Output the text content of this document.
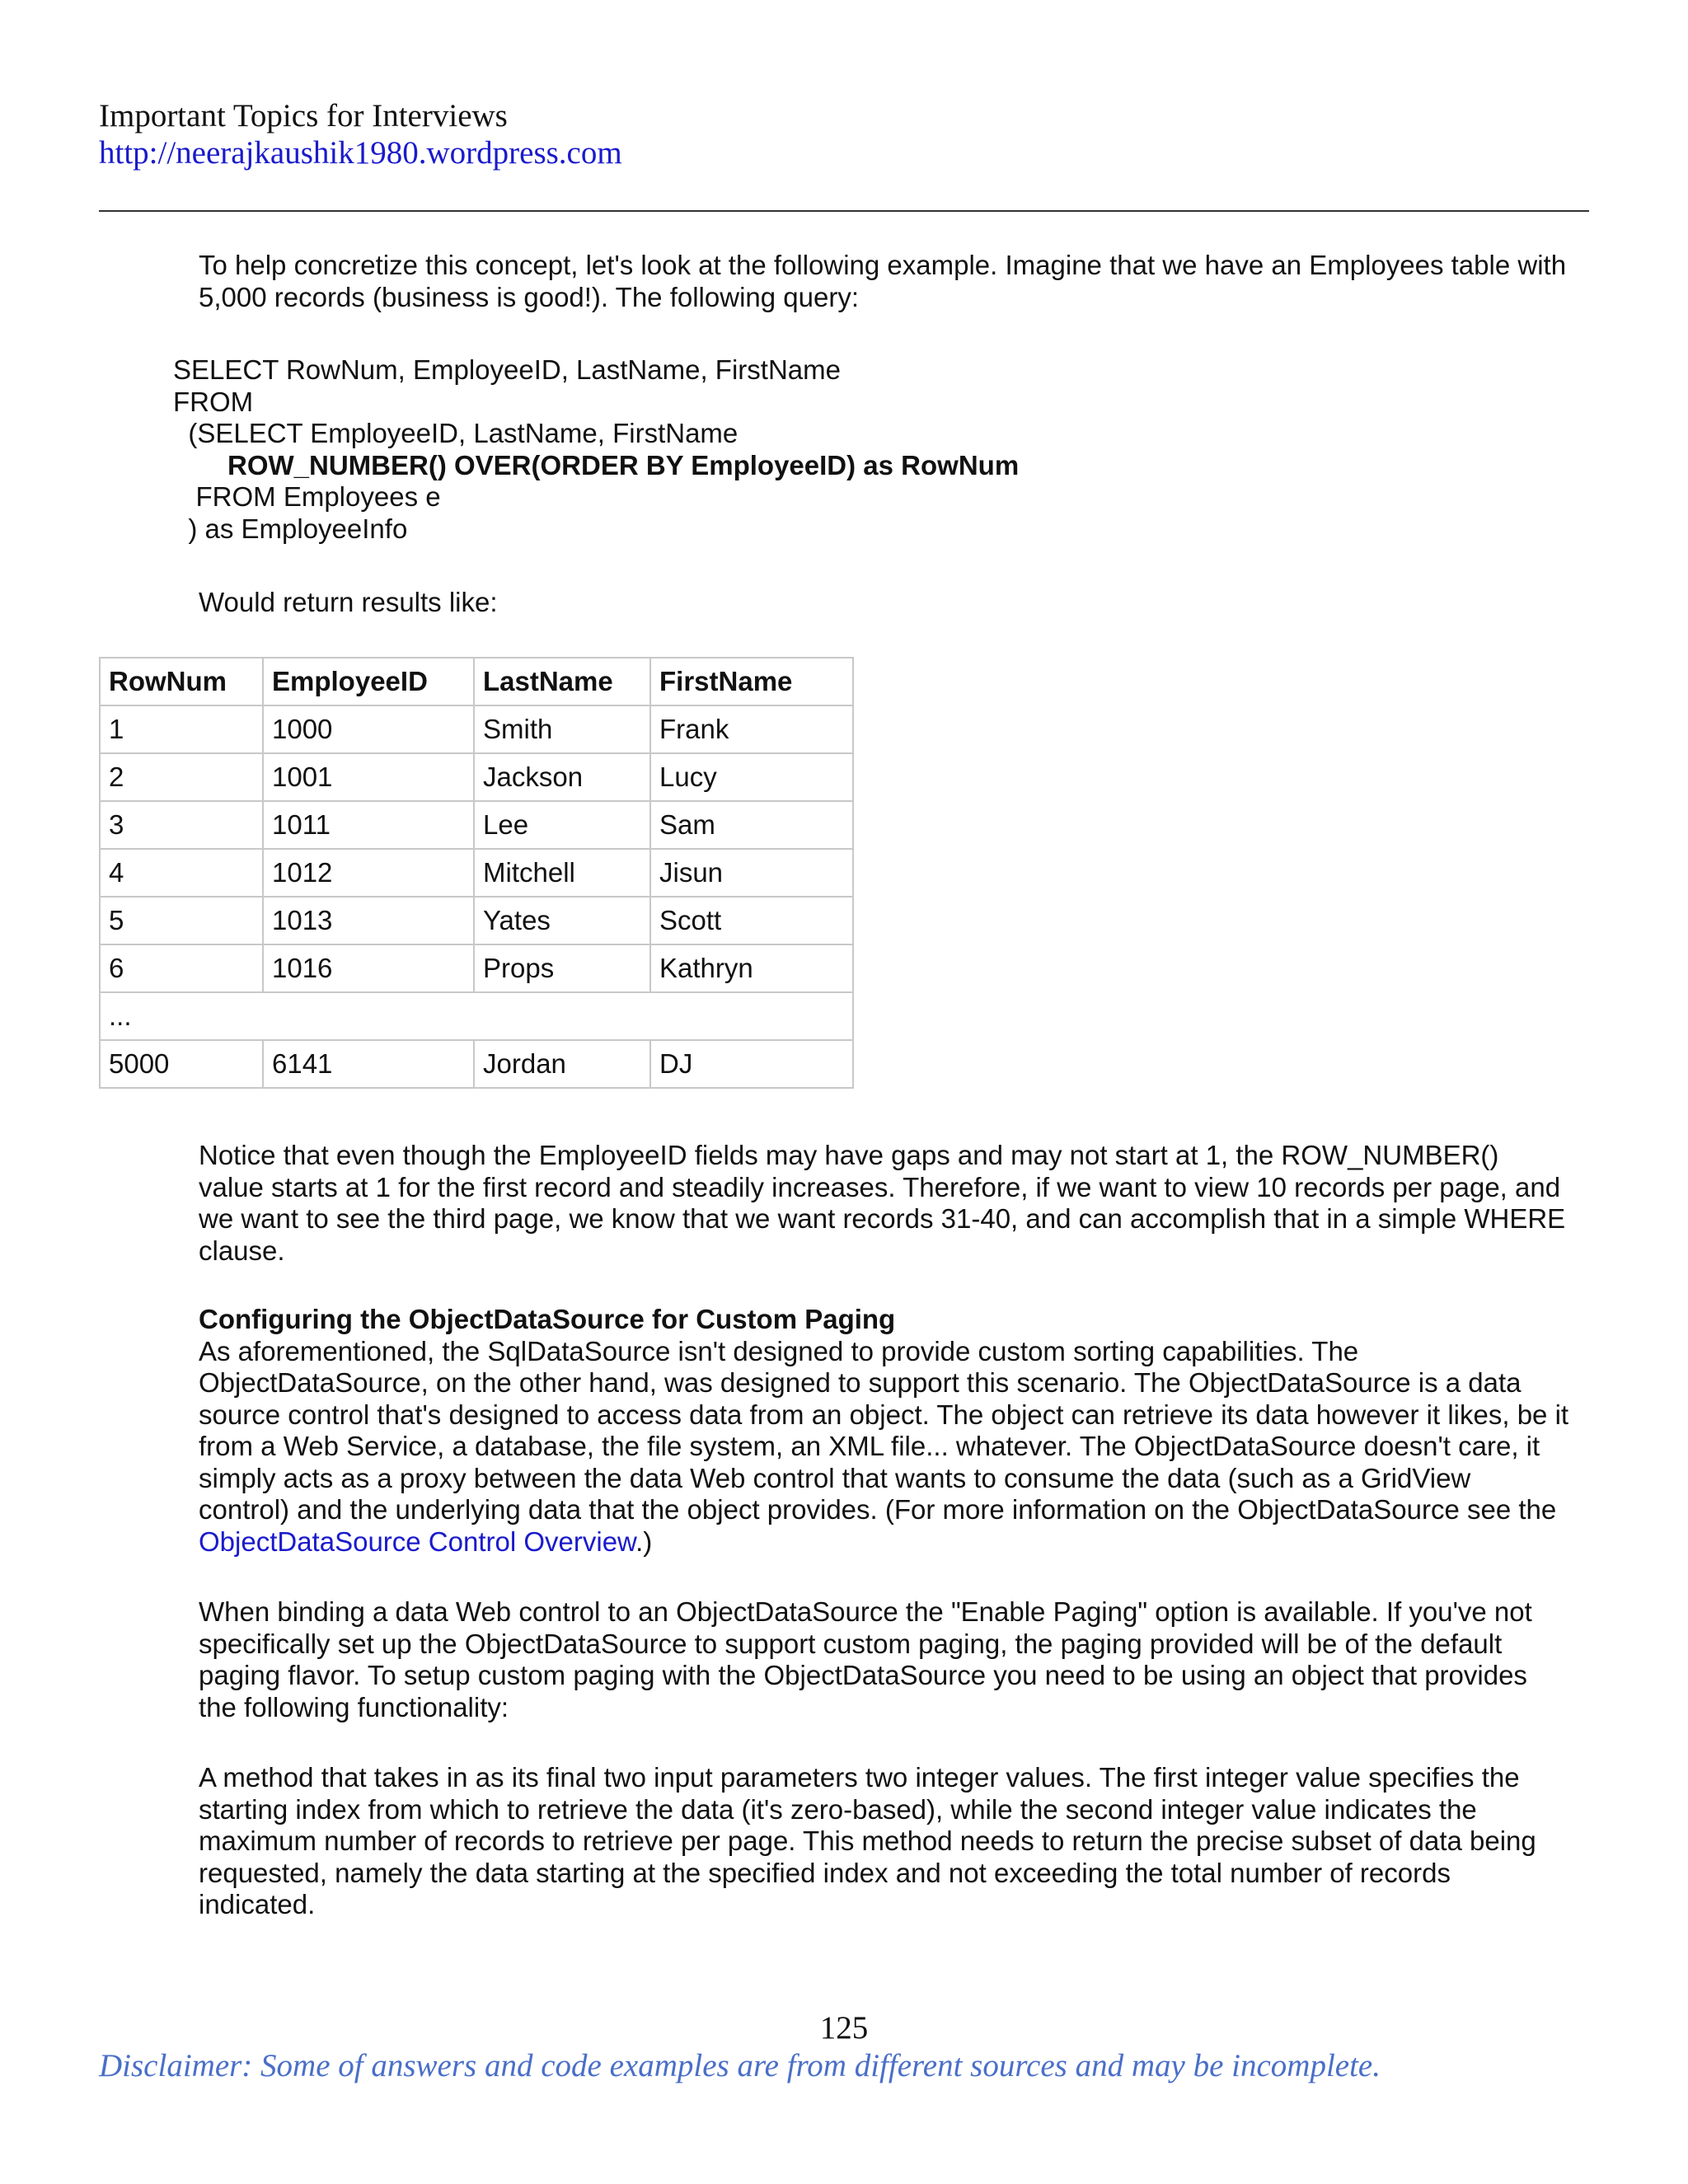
Important Topics for Interviews
http://neerajkaushik1980.wordpress.com

To help concretize this concept, let's look at the following example. Imagine that we have an Employees table with

5,000 records (business is good!). The following query:

SELECT RowNum, EmployeeID, LastName, FirstName
FROM
(SELECT EmployeeID, LastName, FirstName
ROW_NUMBER() OVER(ORDER BY EmployeeID) as RowNum
FROM Employees e
) as EmployeeInfo
Would return results like:
RowNum	EmployeeID	LastName	FirstName
1	1000	Smith	Frank
2	1001	Jackson	Lucy
3	1011	Lee	Sam
4	1012	Mitchell	Jisun
5	1013	Yates	Scott
6	1016	Props	Kathryn
...			
5000	6141	Jordan	DJ

Notice that even though the EmployeeID fields may have gaps and may not start at 1, the ROW_NUMBER()

value starts at 1 for the first record and steadily increases. Therefore, if we want to view 10 records per page, and

we want to see the third page, we know that we want records 31-40, and can accomplish that in a simple WHERE

clause.

Configuring the ObjectDataSource for Custom Paging

As aforementioned, the SqlDataSource isn't designed to provide custom sorting capabilities. The

ObjectDataSource, on the other hand, was designed to support this scenario. The ObjectDataSource is a data

source control that's designed to access data from an object. The object can retrieve its data however it likes, be it

from a Web Service, a database, the file system, an XML file... whatever. The ObjectDataSource doesn't care, it

simply acts as a proxy between the data Web control that wants to consume the data (such as a GridView

control) and the underlying data that the object provides. (For more information on the ObjectDataSource see the

ObjectDataSource Control Overview.)

When binding a data Web control to an ObjectDataSource the "Enable Paging" option is available. If you've not

specifically set up the ObjectDataSource to support custom paging, the paging provided will be of the default

paging flavor. To setup custom paging with the ObjectDataSource you need to be using an object that provides

the following functionality:

A method that takes in as its final two input parameters two integer values. The first integer value specifies the

starting index from which to retrieve the data (it's zero-based), while the second integer value indicates the

maximum number of records to retrieve per page. This method needs to return the precise subset of data being

requested, namely the data starting at the specified index and not exceeding the total number of records

indicated.

125
Disclaimer: Some of answers and code examples are from different sources and may be incomplete.
